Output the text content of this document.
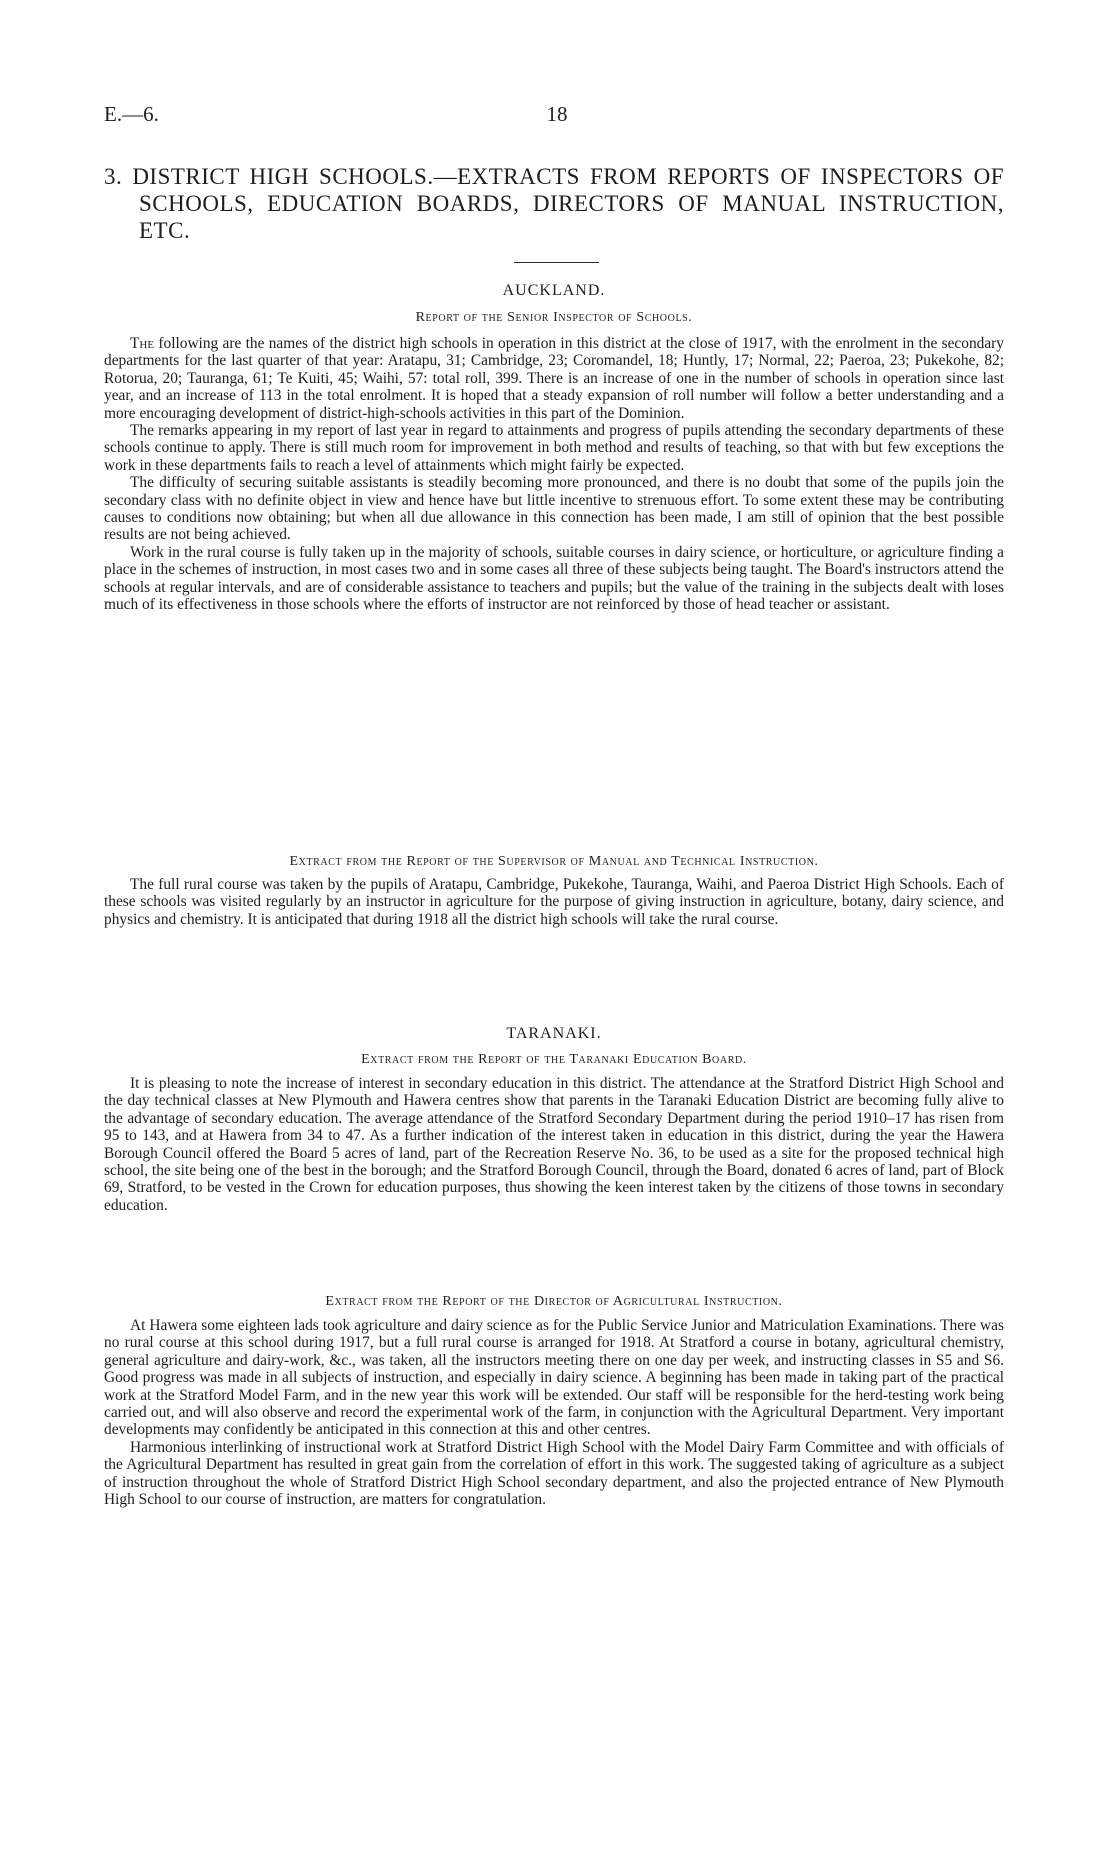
E.—6.	18
3. DISTRICT HIGH SCHOOLS.—EXTRACTS FROM REPORTS OF INSPECTORS OF SCHOOLS, EDUCATION BOARDS, DIRECTORS OF MANUAL INSTRUCTION, ETC.
AUCKLAND.
Report of the Senior Inspector of Schools.

The following are the names of the district high schools in operation in this district at the close of 1917, with the enrolment in the secondary departments for the last quarter of that year: Aratapu, 31; Cambridge, 23; Coromandel, 18; Huntly, 17; Normal, 22; Paeroa, 23; Pukekohe, 82; Rotorua, 20; Tauranga, 61; Te Kuiti, 45; Waihi, 57: total roll, 399. There is an increase of one in the number of schools in operation since last year, and an increase of 113 in the total enrolment. It is hoped that a steady expansion of roll number will follow a better understanding and a more encouraging development of district-high-schools activities in this part of the Dominion.

The remarks appearing in my report of last year in regard to attainments and progress of pupils attending the secondary departments of these schools continue to apply. There is still much room for improvement in both method and results of teaching, so that with but few exceptions the work in these departments fails to reach a level of attainments which might fairly be expected.

The difficulty of securing suitable assistants is steadily becoming more pronounced, and there is no doubt that some of the pupils join the secondary class with no definite object in view and hence have but little incentive to strenuous effort. To some extent these may be contributing causes to conditions now obtaining; but when all due allowance in this connection has been made, I am still of opinion that the best possible results are not being achieved.

Work in the rural course is fully taken up in the majority of schools, suitable courses in dairy science, or horticulture, or agriculture finding a place in the schemes of instruction, in most cases two and in some cases all three of these subjects being taught. The Board's instructors attend the schools at regular intervals, and are of considerable assistance to teachers and pupils; but the value of the training in the subjects dealt with loses much of its effectiveness in those schools where the efforts of instructor are not reinforced by those of head teacher or assistant.

Extract from the Report of the Supervisor of Manual and Technical Instruction.

The full rural course was taken by the pupils of Aratapu, Cambridge, Pukekohe, Tauranga, Waihi, and Paeroa District High Schools. Each of these schools was visited regularly by an instructor in agriculture for the purpose of giving instruction in agriculture, botany, dairy science, and physics and chemistry. It is anticipated that during 1918 all the district high schools will take the rural course.

TARANAKI.
Extract from the Report of the Taranaki Education Board.

It is pleasing to note the increase of interest in secondary education in this district. The attendance at the Stratford District High School and the day technical classes at New Plymouth and Hawera centres show that parents in the Taranaki Education District are becoming fully alive to the advantage of secondary education. The average attendance of the Stratford Secondary Department during the period 1910–17 has risen from 95 to 143, and at Hawera from 34 to 47. As a further indication of the interest taken in education in this district, during the year the Hawera Borough Council offered the Board 5 acres of land, part of the Recreation Reserve No. 36, to be used as a site for the proposed technical high school, the site being one of the best in the borough; and the Stratford Borough Council, through the Board, donated 6 acres of land, part of Block 69, Stratford, to be vested in the Crown for education purposes, thus showing the keen interest taken by the citizens of those towns in secondary education.

Extract from the Report of the Director of Agricultural Instruction.

At Hawera some eighteen lads took agriculture and dairy science as for the Public Service Junior and Matriculation Examinations. There was no rural course at this school during 1917, but a full rural course is arranged for 1918. At Stratford a course in botany, agricultural chemistry, general agriculture and dairy-work, &c., was taken, all the instructors meeting there on one day per week, and instructing classes in S5 and S6. Good progress was made in all subjects of instruction, and especially in dairy science. A beginning has been made in taking part of the practical work at the Stratford Model Farm, and in the new year this work will be extended. Our staff will be responsible for the herd-testing work being carried out, and will also observe and record the experimental work of the farm, in conjunction with the Agricultural Department. Very important developments may confidently be anticipated in this connection at this and other centres.

Harmonious interlinking of instructional work at Stratford District High School with the Model Dairy Farm Committee and with officials of the Agricultural Department has resulted in great gain from the correlation of effort in this work. The suggested taking of agriculture as a subject of instruction throughout the whole of Stratford District High School secondary department, and also the projected entrance of New Plymouth High School to our course of instruction, are matters for congratulation.
